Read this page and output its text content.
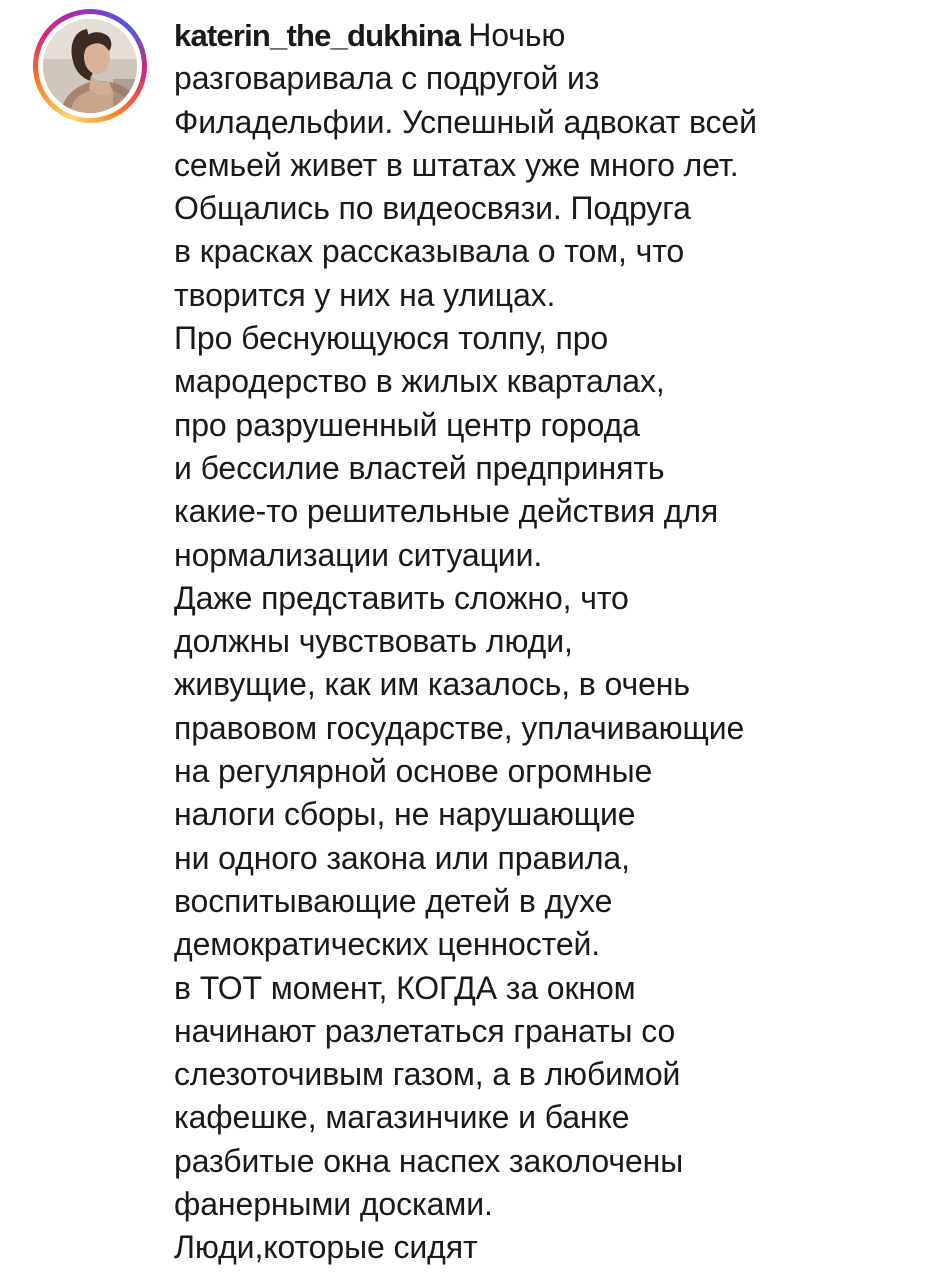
katerin_the_dukhina Ночью
разговаривала с подругой из
Филадельфии. Успешный адвокат всей
семьей живет в штатах уже много лет.
Общались по видеосвязи. Подруга
в красках рассказывала о том, что
творится у них на улицах.
Про беснующуюся толпу, про
мародерство в жилых кварталах,
про разрушенный центр города
и бессилие властей предпринять
какие-то решительные действия для
нормализации ситуации.
Даже представить сложно, что
должны чувствовать люди,
живущие, как им казалось, в очень
правовом государстве, уплачивающие
на регулярной основе огромные
налоги сборы, не нарушающие
ни одного закона или правила,
воспитывающие детей в духе
демократических ценностей.
в ТОТ момент, КОГДА за окном
начинают разлетаться гранаты со
слезоточивым газом, а в любимой
кафешке, магазинчике и банке
разбитые окна наспех заколочены
фанерными досками.
Люди,которые сидят
